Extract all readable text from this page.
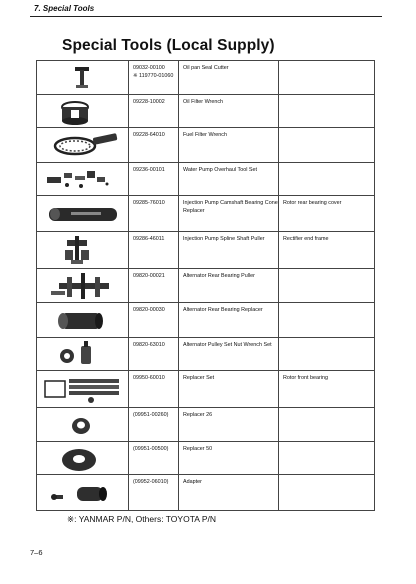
7. Special Tools
Special Tools (Local Supply)

09032-00100
※ 119770-01060	Oil pan Seal Cutter	

	09228-10002	Oil Filter Wrench	

	09228-64010	Fuel Filter Wrench	

	09236-00101	Water Pump Overhaul Tool Set	

	09285-76010	Injection Pump Camshaft Bearing Cone Replacer	Rotor rear bearing cover

	09286-46011	Injection Pump Spline Shaft Puller	Rectifier end frame

	09820-00021	Alternator Rear Bearing Puller	

	09820-00030	Alternator Rear Bearing Replacer	

	09820-63010	Alternator Pulley Set Nut Wrench Set	

	09950-60010	Replacer Set	Rotor front bearing

	(09951-00260)	Replacer 26	

	(09951-00500)	Replacer 50	

	(09952-06010)	Adapter	
※: YANMAR P/N, Others: TOYOTA P/N
7–6
